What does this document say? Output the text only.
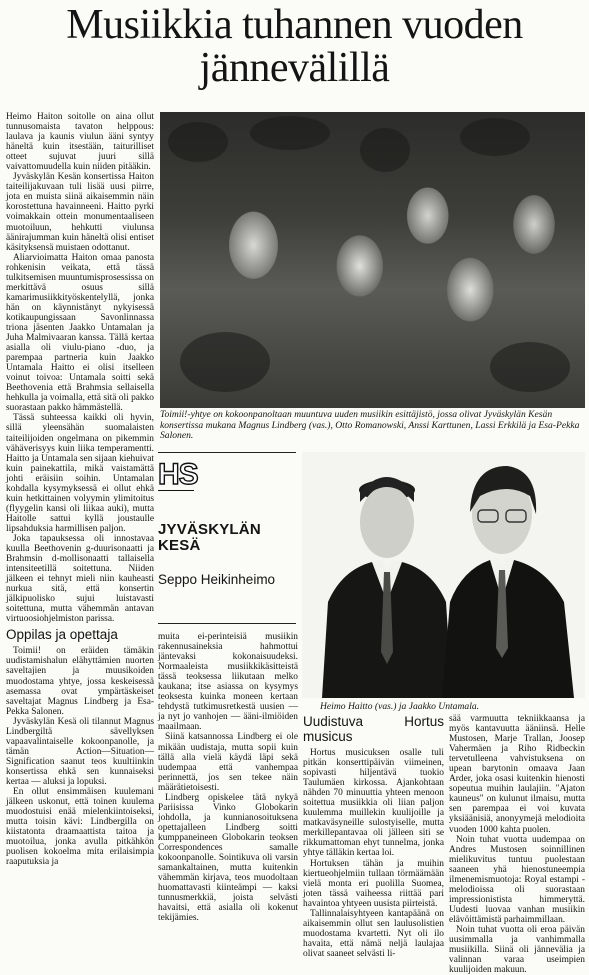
Musiikkia tuhannen vuoden jännevälillä

Heimo Haiton soitolle on aina ollut tunnusomaista tavaton helppous: laulava ja kaunis viulun ääni syntyy häneltä kuin itsestään, taiturilliset otteet sujuvat juuri sillä vaivattomuudella kuin niiden pitääkin.

Jyväskylän Kesän konsertissa Haiton taiteilijakuvaan tuli lisää uusi piirre, jota en muista siinä aikaisemmin näin korostettuna havainneeni. Haitto pyrki voimakkain ottein monumentaaliseen muotoiluun, hehkutti viulunsa äänirajumman kuin häneltä olisi entiset käsityksensä muistaen odottanut.

Aliarvioimatta Haiton omaa panosta rohkenisin veikata, että tässä tulkitsemisen muuntumisprosessissa on merkittävä osuus sillä kamarimusiikkityöskentelyllä, jonka hän on käynnistänyt nykyisessä kotikaupungissaan Savonlinnassa triona jäsenten Jaakko Untamalan ja Juha Malmivaaran kanssa. Tällä kertaa asialla oli viulu-piano -duo, ja parempaa partneria kuin Jaakko Untamala Haitto ei olisi itselleen voinut toivoa: Untamala soitti sekä Beethovenia että Brahmsia sellaisella hehkulla ja voimalla, että sitä oli pakko suorastaan pakko hämmästellä.

Tässä suhteessa kaikki oli hyvin, sillä yleensähän suomalaisten taiteilijoiden ongelmana on pikemmin vähäverisyys kuin liika temperamentti. Haitto ja Untamala sen sijaan kiehuivat kuin painekattila, mikä vaistamättä johti eräisiin soihin. Untamalan kohdalla kysymyksessä ei ollut ehkä kuin hetkittainen volyymin ylimitoitus (flyygelin kansi oli liikaa auki), mutta Haitolle sattui kyllä joustaulle lipsahduksia harmillisen paljon.

Joka tapauksessa oli innostavaa kuulla Beethovenin g-duurisonaatti ja Brahmsin d-mollisonaatti tallaisella intensiteetillä soitettuna. Niiden jälkeen ei tehnyt mieli niin kauheasti nurkua sitä, että konsertin jälkipuolisko sujui luistavasti soitettuna, mutta vähemmän antavan virtuoosiohjelmiston parissa.

Oppilas ja opettaja

Toimii! on eräiden tämäkin uudistamishalun elähyttämien nuorten saveltajien ja muusikoiden muodostama yhtye, jossa keskeisessä asemassa ovat ympärtäskeiset saveltajat Magnus Lindberg ja Esa-Pekka Salonen.

Jyväskylän Kesä oli tilannut Magnus Lindbergiltä sävellyksen vapaavalintaiselle kokoonpanolle, ja tämän Action—Situation—Signification saanut teos kuultiinkin konsertissa ehkä sen kunnaiseksi kertaa — aluksi ja lopuksi.

En ollut ensimmäisen kuulemani jälkeen uskonut, että toinen kuulema muodostuisi enää mielenkiintoiseksi, mutta toisin kävi: Lindbergilla on kiistatonta draamaattista taitoa ja muotoilua, jonka avulla pitkähkön puolisen kokoelma mita erilaisimpia raaputuksia ja

Toimii!-yhtye on kokoonpanoltaan muuntuva uuden musiikin esittäjistö, jossa olivat Jyväskylän Kesän konsertissa mukana Magnus Lindberg (vas.), Otto Romanowski, Anssi Karttunen, Lassi Erkkilä ja Esa-Pekka Salonen.
HS
JYVÄSKYLÄN KESÄ
Seppo Heikinheimo
Heimo Haitto (vas.) ja Jaakko Untamala.

muita ei-perinteisiä musiikin rakennusaineksia hahmottui jäntevaksi kokonaisuudeksi. Normaaleista musiikkikäsitteistä tässä teoksessa liikutaan melko kaukana; itse asiassa on kysymys teoksesta kuinka moneen kertaan tehdystä tutkimusretkestä uusien — ja nyt jo vanhojen — ääni-ilmiöiden maailmaan.

Siinä katsannossa Lindberg ei ole mikään uudistaja, mutta sopii kuin tällä alla vielä käydä läpi sekä uudempaa että vanhempaa perinnettä, jos sen tekee näin määrätietoisesti.

Lindberg opiskelee tätä nykyä Pariisissa Vinko Globokarin johdolla, ja kunnianosoituksena opettajalleen Lindberg soitti kumppaneineen Globokarin teoksen Correspondences samalle kokoonpanolle. Sointikuva oli varsin samankaltainen, mutta kuitenkin vähemmän kirjava, teos muodoltaan huomattavasti kiinteämpi — kaksi tunnusmerkkiä, joista selvästi havaitsi, että asialla oli kokenut tekijämies.

Uudistuva Hortus musicus

Hortus musicuksen osalle tuli pitkän konserttipäivän viimeinen, sopivasti hiljentävä tuokio Taulumäen kirkossa. Ajankohtaan nähden 70 minuuttia yhteen menoon soitettua musiikkia oli liian paljon kuulemma muillekin kuulijoille ja matkaväsyneille sulostyiselle, mutta merkillepantavaa oli jälleen siti se rikkumattoman ehyt tunnelma, jonka yhtye tälläkin kertaa loi.

Hortuksen tähän ja muihin kiertueohjelmiin tullaan törmäämään vielä monta eri puolilla Suomea, joten tässä vaiheessa riittää pari havaintoa yhtyeen uusista piirteistä.

Tallinnalaisyhtyeen kantapäänä on aikaisemmin ollut sen laulusolistien muodostama kvartetti. Nyt oli ilo havaita, että nämä neljä laulajaa olivat saaneet selvästi li-

sää varmuutta tekniikkaansa ja myös kantavuutta ääniinsä. Helle Mustosen, Marje Trallan, Joosep Vahermäen ja Riho Ridbeckin tervetulleena vahvistuksena on upean barytonin omaava Jaan Arder, joka osasi kuitenkin hienosti sopeutua muihin laulajiin. "Ajaton kauneus" on kulunut ilmaisu, mutta sen parempaa ei voi kuvata yksiäänisiä, anonyymejä melodioita vuoden 1000 kahta puolen.

Noin tuhat vuotta uudempaa on Andres Mustosen soinnillinen mielikuvitus tuntuu puolestaan saaneen yhä hienostuneempia ilmenemismuotoja: Royal estampi -melodioissa oli suorastaan impressionistista himmeryttä. Uudesti luovaa vanhan musiikin elävöittämistä parhaimmillaan.

Noin tuhat vuotta oli eroa päivän uusimmalla ja vanhimmalla musiikilla. Siinä oli jännevälia ja valinnan varaa useimpien kuulijoiden makuun.
